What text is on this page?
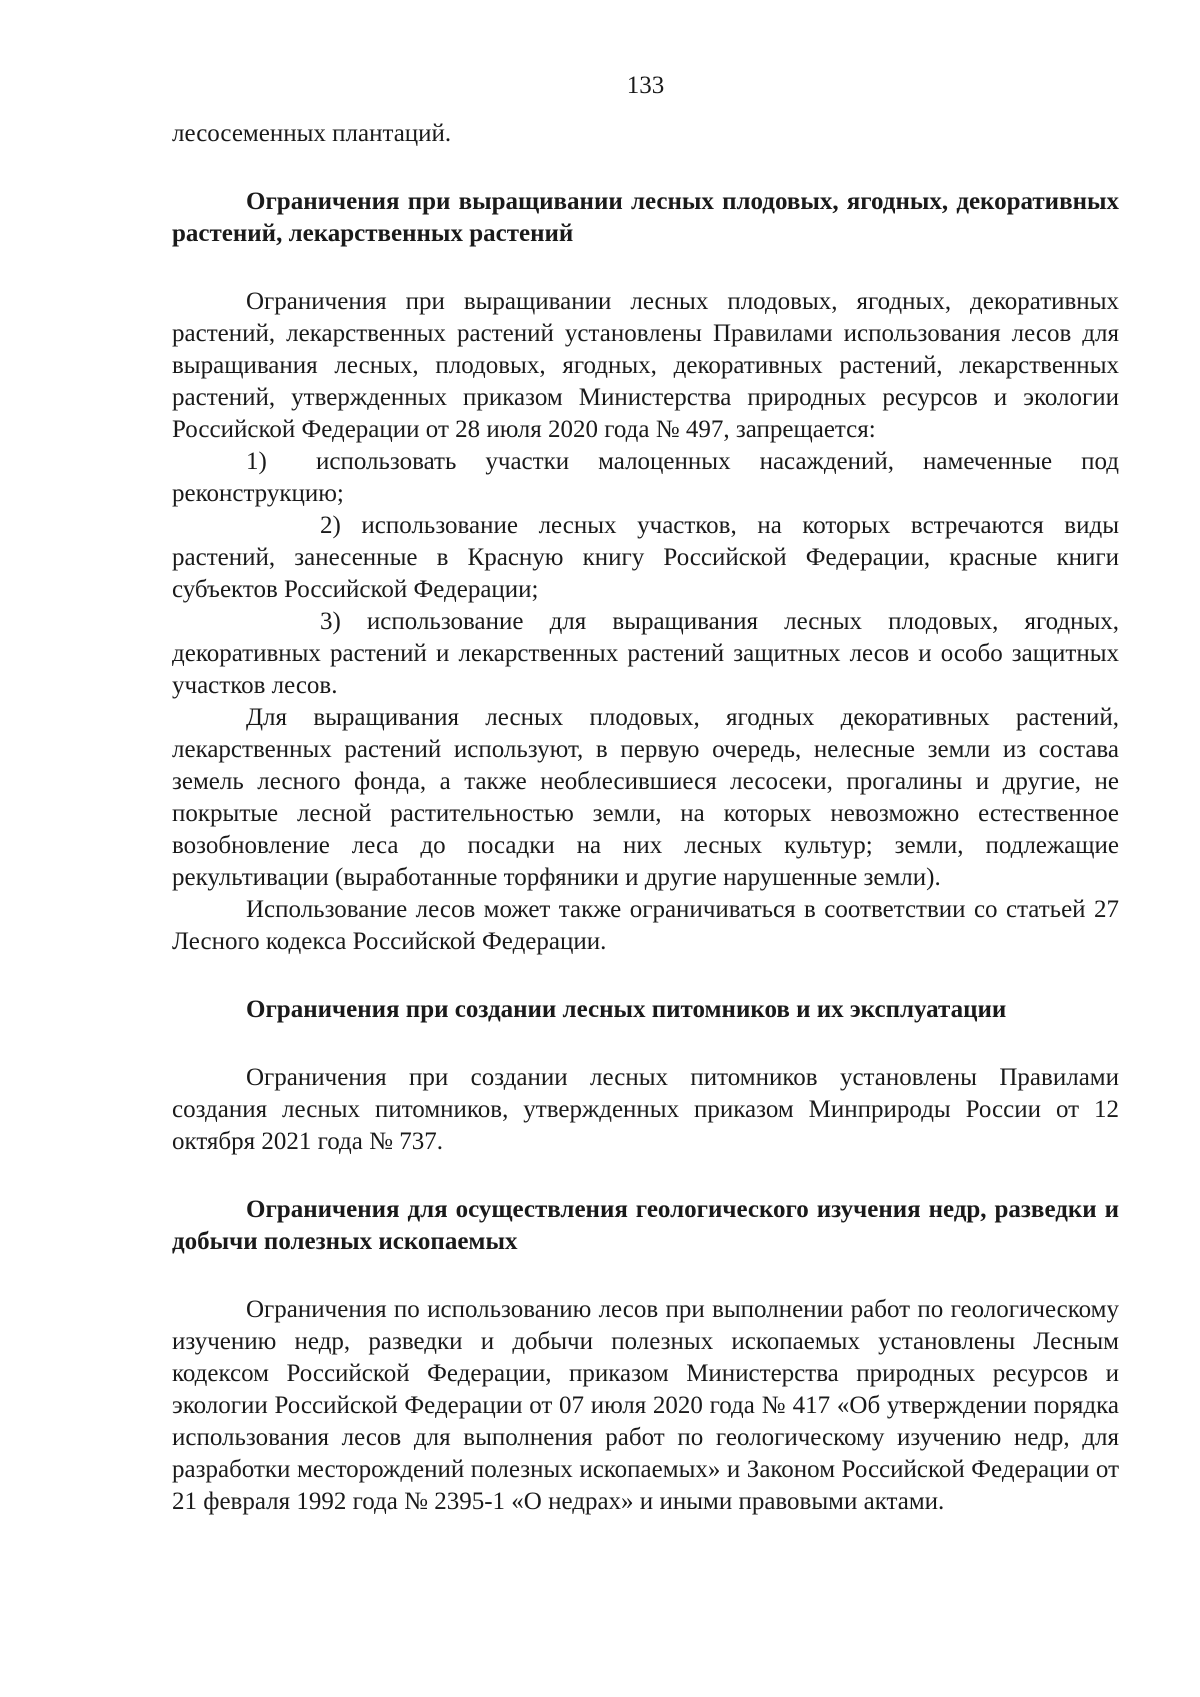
133

лесосеменных плантаций.

Ограничения при выращивании лесных плодовых, ягодных, декоративных растений, лекарственных растений

Ограничения при выращивании лесных плодовых, ягодных, декоративных растений, лекарственных растений установлены Правилами использования лесов для выращивания лесных, плодовых, ягодных, декоративных растений, лекарственных растений, утвержденных приказом Министерства природных ресурсов и экологии Российской Федерации от 28 июля 2020 года № 497, запрещается:

1) использовать участки малоценных насаждений, намеченные под реконструкцию;

2) использование лесных участков, на которых встречаются виды растений, занесенные в Красную книгу Российской Федерации, красные книги субъектов Российской Федерации;

3) использование для выращивания лесных плодовых, ягодных, декоративных растений и лекарственных растений защитных лесов и особо защитных участков лесов.

Для выращивания лесных плодовых, ягодных декоративных растений, лекарственных растений используют, в первую очередь, нелесные земли из состава земель лесного фонда, а также необлесившиеся лесосеки, прогалины и другие, не покрытые лесной растительностью земли, на которых невозможно естественное возобновление леса до посадки на них лесных культур; земли, подлежащие рекультивации (выработанные торфяники и другие нарушенные земли).

Использование лесов может также ограничиваться в соответствии со статьей 27 Лесного кодекса Российской Федерации.

Ограничения при создании лесных питомников и их эксплуатации

Ограничения при создании лесных питомников установлены Правилами создания лесных питомников, утвержденных приказом Минприроды России от 12 октября 2021 года № 737.

Ограничения для осуществления геологического изучения недр, разведки и добычи полезных ископаемых

Ограничения по использованию лесов при выполнении работ по геологическому изучению недр, разведки и добычи полезных ископаемых установлены Лесным кодексом Российской Федерации, приказом Министерства природных ресурсов и экологии Российской Федерации от 07 июля 2020 года № 417 «Об утверждении порядка использования лесов для выполнения работ по геологическому изучению недр, для разработки месторождений полезных ископаемых» и Законом Российской Федерации от 21 февраля 1992 года № 2395-1 «О недрах» и иными правовыми актами.
